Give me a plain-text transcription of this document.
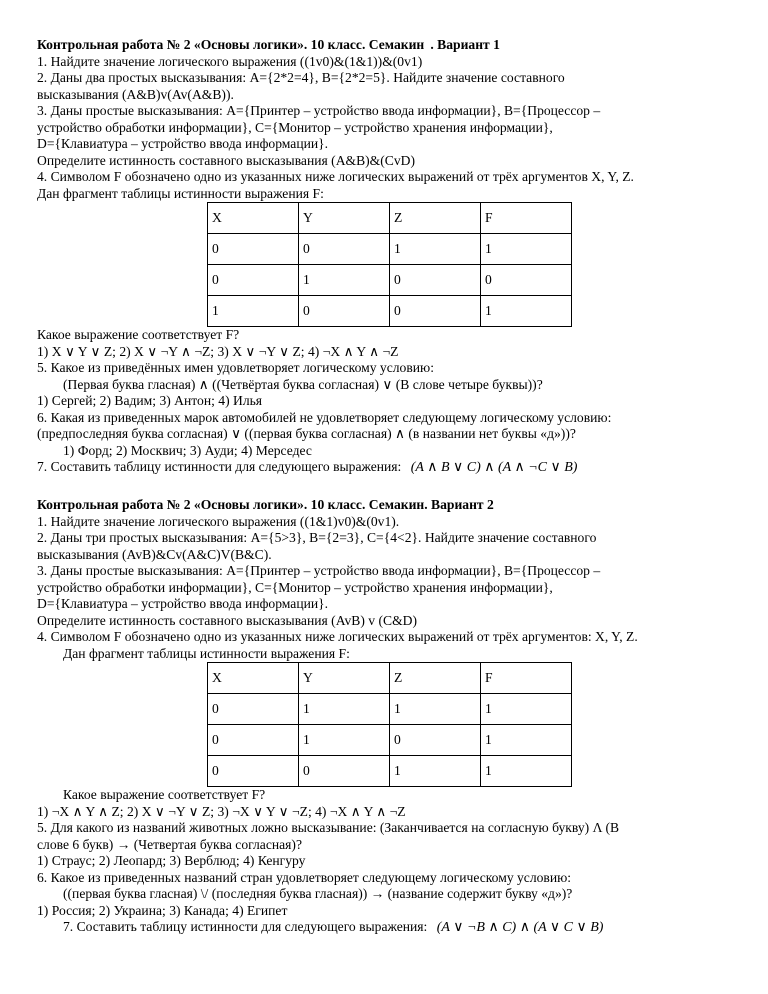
Контрольная работа № 2 «Основы логики». 10 класс. Семакин  . Вариант 1

1. Найдите значение логического выражения ((1v0)&(1&1))&(0v1)

2. Даны два простых высказывания: A={2*2=4}, B={2*2=5}. Найдите значение составного

высказывания (A&B)v(Av(A&B)).

3. Даны простые высказывания: A={Принтер – устройство ввода информации}, B={Процессор –

устройство обработки информации}, C={Монитор – устройство хранения информации},

D={Клавиатура – устройство ввода информации}.

Определите истинность составного высказывания (A&B)&(CvD)

4. Символом F обозначено одно из указанных ниже логических выражений от трёх аргументов X, Y, Z.

Дан фрагмент таблицы истинности выражения F:

X	Y	Z	F
0	0	1	1
0	1	0	0
1	0	0	1

Какое выражение соответствует F?

1) X ∨ Y ∨ Z; 2) X ∨ ¬Y ∧ ¬Z; 3) X ∨ ¬Y ∨ Z; 4) ¬X ∧ Y ∧ ¬Z

5. Какое из приведённых имен удовлетворяет логическому условию:

(Первая буква гласная) ∧ ((Четвёртая буква согласная) ∨ (В слове четыре буквы))?

1) Сергей; 2) Вадим; 3) Антон; 4) Илья

6. Какая из приведенных марок автомобилей не удовлетворяет следующему логическому условию:

(предпоследняя буква согласная) ∨ ((первая буква согласная) ∧ (в названии нет буквы «д»))?

1) Форд; 2) Москвич; 3) Ауди; 4) Мерседес

7. Составить таблицу истинности для следующего выражения: (A ∧ B ∨ C) ∧ (A ∧ ¬C ∨ B)

Контрольная работа № 2 «Основы логики». 10 класс. Семакин. Вариант 2

1. Найдите значение логического выражения ((1&1)v0)&(0v1).

2. Даны три простых высказывания: A={5>3}, B={2=3}, C={4<2}. Найдите значение составного

высказывания (AvB)&Cv(A&C)V(B&C).

3. Даны простые высказывания: A={Принтер – устройство ввода информации}, B={Процессор –

устройство обработки информации}, C={Монитор – устройство хранения информации},

D={Клавиатура – устройство ввода информации}.

Определите истинность составного высказывания (AvB) v (C&D)

4. Символом F обозначено одно из указанных ниже логических выражений от трёх аргументов: X, Y, Z.

Дан фрагмент таблицы истинности выражения F:

X	Y	Z	F
0	1	1	1
0	1	0	1
0	0	1	1

Какое выражение соответствует F?

1) ¬X ∧ Y ∧ Z; 2) X ∨ ¬Y ∨ Z; 3) ¬X ∨ Y ∨ ¬Z; 4) ¬X ∧ Y ∧ ¬Z

5. Для какого из названий животных ложно высказывание: (Заканчивается на согласную букву) Λ (В

слове 6 букв) → (Четвертая буква согласная)?

1) Страус; 2) Леопард; 3) Верблюд; 4) Кенгуру

6. Какое из приведенных названий стран удовлетворяет следующему логическому условию:

((первая буква гласная) \/ (последняя буква гласная)) → (название содержит букву «д»)?

1) Россия; 2) Украина; 3) Канада; 4) Египет

7. Составить таблицу истинности для следующего выражения: (A ∨ ¬B ∧ C) ∧ (A ∨ C ∨ B)
